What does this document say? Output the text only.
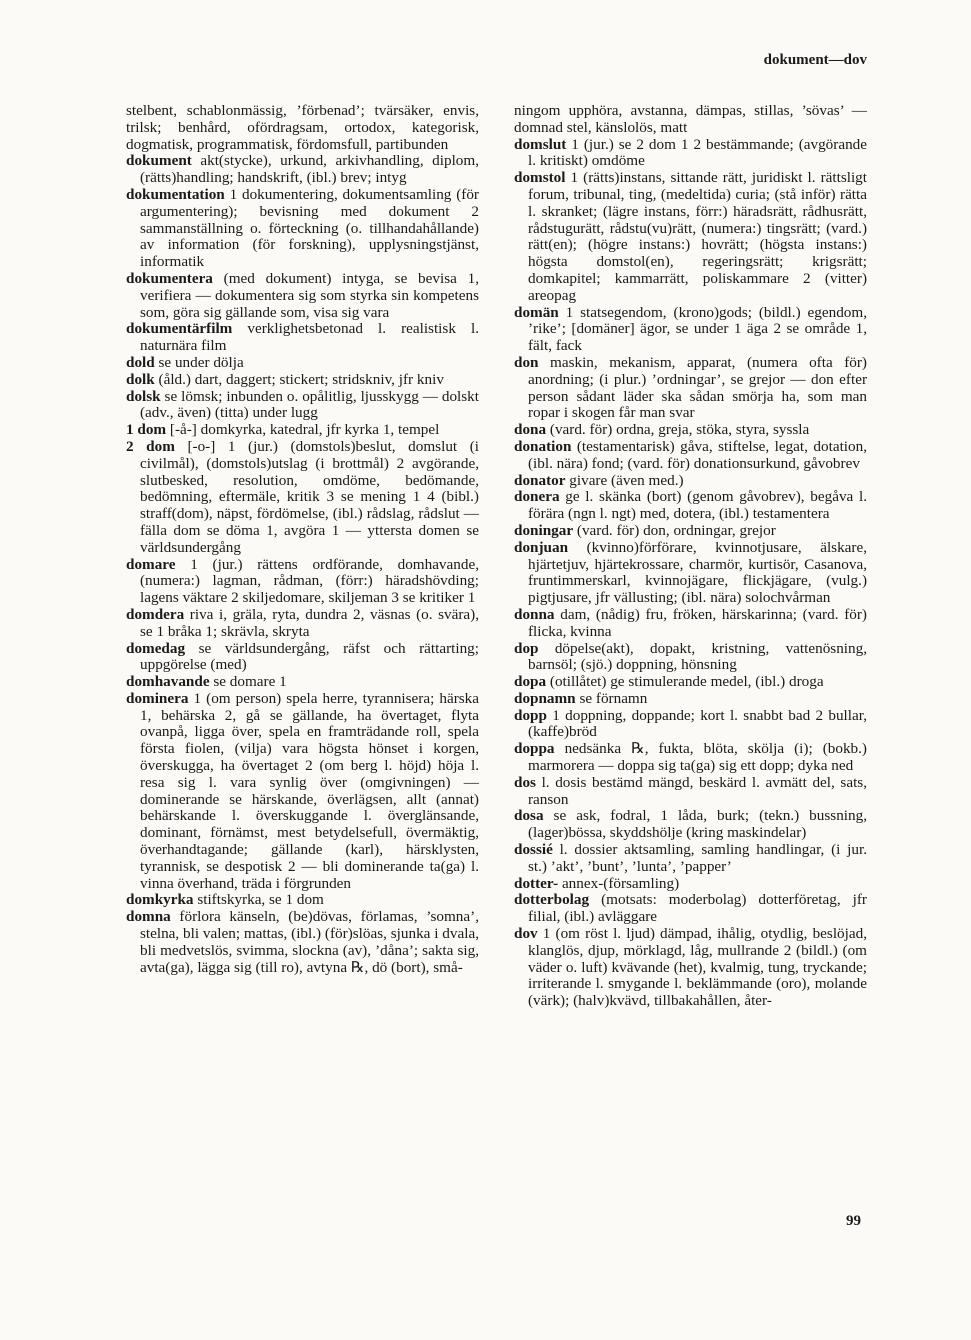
dokument—dov

stelbent, schablonmässig, ’förbenad’; tvärsäker, envis, trilsk; benhård, ofördragsam, ortodox, kategorisk, dogmatisk, programmatisk, fördomsfull, partibunden

dokument akt(stycke), urkund, arkivhandling, diplom, (rätts)handling; handskrift, (ibl.) brev; intyg

dokumentation 1 dokumentering, dokumentsamling (för argumentering); bevisning med dokument 2 sammanställning o. förteckning (o. tillhandahållande) av information (för forskning), upplysningstjänst, informatik

dokumentera (med dokument) intyga, se bevisa 1, verifiera — dokumentera sig som styrka sin kompetens som, göra sig gällande som, visa sig vara

dokumentärfilm verklighetsbetonad l. realistisk l. naturnära film

dold se under dölja

dolk (åld.) dart, daggert; stickert; stridskniv, jfr kniv

dolsk se lömsk; inbunden o. opålitlig, ljusskygg — dolskt (adv., även) (titta) under lugg

1 dom [-å-] domkyrka, katedral, jfr kyrka 1, tempel

2 dom [-o-] 1 (jur.) (domstols)beslut, domslut (i civilmål), (domstols)utslag (i brottmål) 2 avgörande, slutbesked, resolution, omdöme, bedömande, bedömning, eftermäle, kritik 3 se mening 1 4 (bibl.) straff(dom), näpst, fördömelse, (ibl.) rådslag, rådslut — fälla dom se döma 1, avgöra 1 — yttersta domen se världsundergång

domare 1 (jur.) rättens ordförande, domhavande, (numera:) lagman, rådman, (förr:) häradshövding; lagens väktare 2 skiljedomare, skiljeman 3 se kritiker 1

domdera riva i, gräla, ryta, dundra 2, väsnas (o. svära), se 1 bråka 1; skrävla, skryta

domedag se världsundergång, räfst och rättarting; uppgörelse (med)

domhavande se domare 1

dominera 1 (om person) spela herre, tyrannisera; härska 1, behärska 2, gå se gällande, ha övertaget, flyta ovanpå, ligga över, spela en framträdande roll, spela första fiolen, (vilja) vara högsta hönset i korgen, överskugga, ha övertaget 2 (om berg l. höjd) höja l. resa sig l. vara synlig över (omgivningen) — dominerande se härskande, överlägsen, allt (annat) behärskande l. överskuggande l. överglänsande, dominant, förnämst, mest betydelsefull, övermäktig, överhandtagande; gällande (karl), härsklysten, tyrannisk, se despotisk 2 — bli dominerande ta(ga) l. vinna överhand, träda i förgrunden

domkyrka stiftskyrka, se 1 dom

domna förlora känseln, (be)dövas, förlamas, ’somna’, stelna, bli valen; mattas, (ibl.) (för)slöas, sjunka i dvala, bli medvetslös, svimma, slockna (av), ’dåna’; sakta sig, avta(ga), lägga sig (till ro), avtyna ℞, dö (bort), små-

ningom upphöra, avstanna, dämpas, stillas, ’sövas’ — domnad stel, känslolös, matt

domslut 1 (jur.) se 2 dom 1 2 bestämmande; (avgörande l. kritiskt) omdöme

domstol 1 (rätts)instans, sittande rätt, juridiskt l. rättsligt forum, tribunal, ting, (medeltida) curia; (stå inför) rätta l. skranket; (lägre instans, förr:) häradsrätt, rådhusrätt, rådstugurätt, rådstu(vu)rätt, (numera:) tingsrätt; (vard.) rätt(en); (högre instans:) hovrätt; (högsta instans:) högsta domstol(en), regeringsrätt; krigsrätt; domkapitel; kammarrätt, poliskammare 2 (vitter) areopag

domän 1 statsegendom, (krono)gods; (bildl.) egendom, ’rike’; [domäner] ägor, se under 1 äga 2 se område 1, fält, fack

don maskin, mekanism, apparat, (numera ofta för) anordning; (i plur.) ’ordningar’, se grejor — don efter person sådant läder ska sådan smörja ha, som man ropar i skogen får man svar

dona (vard. för) ordna, greja, stöka, styra, syssla

donation (testamentarisk) gåva, stiftelse, legat, dotation, (ibl. nära) fond; (vard. för) donationsurkund, gåvobrev

donator givare (även med.)

donera ge l. skänka (bort) (genom gåvobrev), begåva l. förära (ngn l. ngt) med, dotera, (ibl.) testamentera

doningar (vard. för) don, ordningar, grejor

donjuan (kvinno)förförare, kvinnotjusare, älskare, hjärtetjuv, hjärtekrossare, charmör, kurtisör, Casanova, fruntimmerskarl, kvinnojägare, flickjägare, (vulg.) pigtjusare, jfr vällusting; (ibl. nära) solochvårman

donna dam, (nådig) fru, fröken, härskarinna; (vard. för) flicka, kvinna

dop döpelse(akt), dopakt, kristning, vattenösning, barnsöl; (sjö.) doppning, hönsning

dopa (otillåtet) ge stimulerande medel, (ibl.) droga

dopnamn se förnamn

dopp 1 doppning, doppande; kort l. snabbt bad 2 bullar, (kaffe)bröd

doppa nedsänka ℞, fukta, blöta, skölja (i); (bokb.) marmorera — doppa sig ta(ga) sig ett dopp; dyka ned

dos l. dosis bestämd mängd, beskärd l. avmätt del, sats, ranson

dosa se ask, fodral, 1 låda, burk; (tekn.) bussning, (lager)bössa, skyddshölje (kring maskindelar)

dossié l. dossier aktsamling, samling handlingar, (i jur. st.) ’akt’, ’bunt’, ’lunta’, ’papper’

dotter- annex-(församling)

dotterbolag (motsats: moderbolag) dotterföretag, jfr filial, (ibl.) avläggare

dov 1 (om röst l. ljud) dämpad, ihålig, otydlig, beslöjad, klanglös, djup, mörklagd, låg, mullrande 2 (bildl.) (om väder o. luft) kvävande (het), kvalmig, tung, tryckande; irriterande l. smygande l. beklämmande (oro), molande (värk); (halv)kvävd, tillbakahållen, åter-

99
